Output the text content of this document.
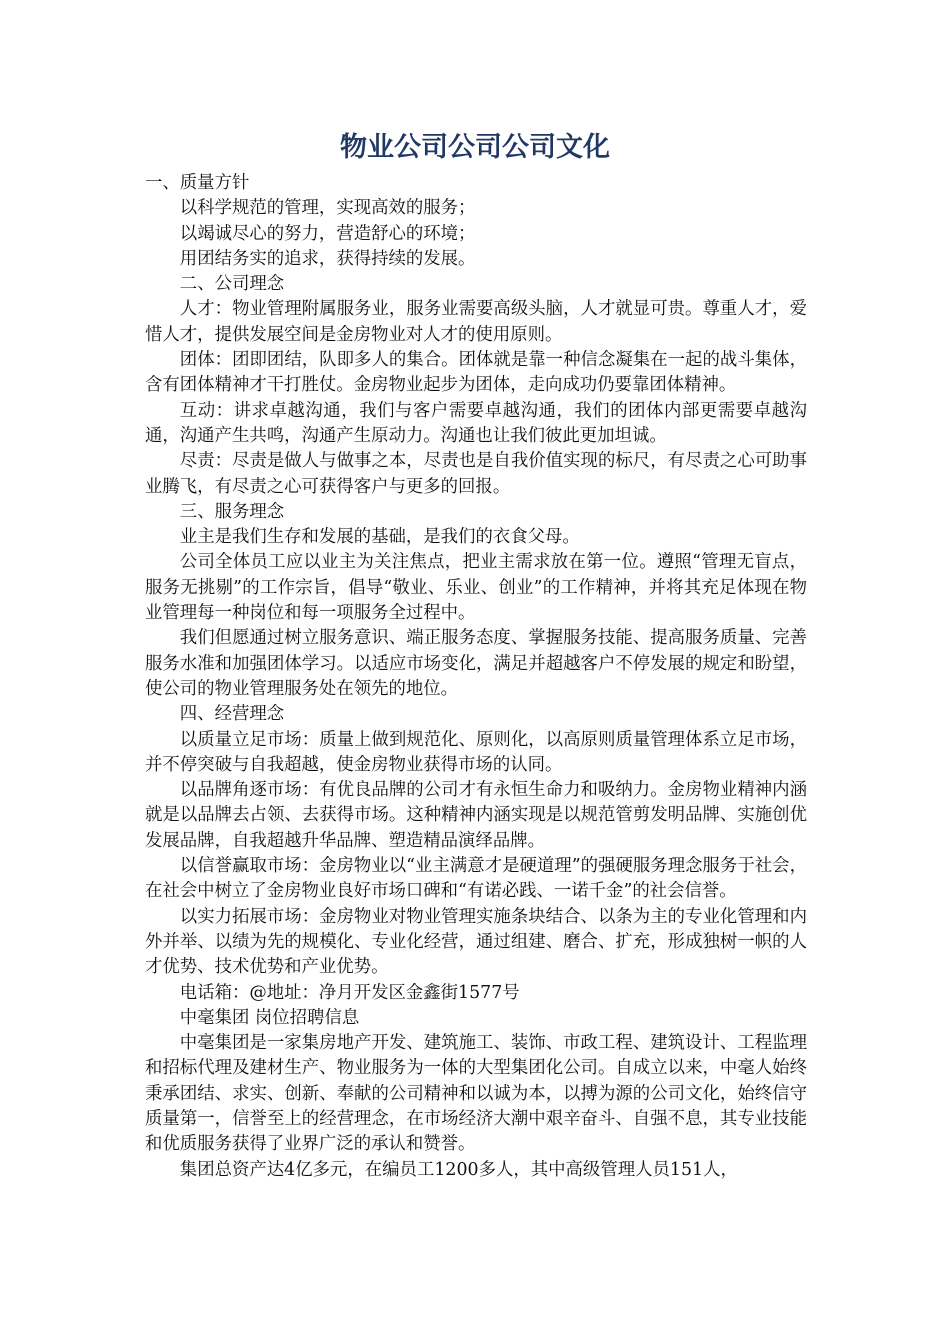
物业公司公司公司文化

一、质量方针

以科学规范的管理，实现高效的服务；

以竭诚尽心的努力，营造舒心的环境；

用团结务实的追求，获得持续的发展。

二、公司理念

人才：物业管理附属服务业，服务业需要高级头脑，人才就显可贵。尊重人才，爱惜人才，提供发展空间是金房物业对人才的使用原则。

团体：团即团结，队即多人的集合。团体就是靠一种信念凝集在一起的战斗集体，含有团体精神才干打胜仗。金房物业起步为团体，走向成功仍要靠团体精神。

互动：讲求卓越沟通，我们与客户需要卓越沟通，我们的团体内部更需要卓越沟通，沟通产生共鸣，沟通产生原动力。沟通也让我们彼此更加坦诚。

尽责：尽责是做人与做事之本，尽责也是自我价值实现的标尺，有尽责之心可助事业腾飞，有尽责之心可获得客户与更多的回报。

三、服务理念

业主是我们生存和发展的基础，是我们的衣食父母。

公司全体员工应以业主为关注焦点，把业主需求放在第一位。遵照“管理无盲点，服务无挑剔”的工作宗旨，倡导“敬业、乐业、创业”的工作精神，并将其充足体现在物业管理每一种岗位和每一项服务全过程中。

我们但愿通过树立服务意识、端正服务态度、掌握服务技能、提高服务质量、完善服务水准和加强团体学习。以适应市场变化，满足并超越客户不停发展的规定和盼望，使公司的物业管理服务处在领先的地位。

四、经营理念

以质量立足市场：质量上做到规范化、原则化，以高原则质量管理体系立足市场，并不停突破与自我超越，使金房物业获得市场的认同。

以品牌角逐市场：有优良品牌的公司才有永恒生命力和吸纳力。金房物业精神内涵就是以品牌去占领、去获得市场。这种精神内涵实现是以规范管剪发明品牌、实施创优发展品牌，自我超越升华品牌、塑造精品演绎品牌。

以信誉赢取市场：金房物业以“业主满意才是硬道理”的强硬服务理念服务于社会，在社会中树立了金房物业良好市场口碑和“有诺必践、一诺千金”的社会信誉。

以实力拓展市场：金房物业对物业管理实施条块结合、以条为主的专业化管理和内外并举、以绩为先的规模化、专业化经营，通过组建、磨合、扩充，形成独树一帜的人才优势、技术优势和产业优势。

电话箱：@地址：净月开发区金鑫街1577号

中毫集团 岗位招聘信息

中毫集团是一家集房地产开发、建筑施工、装饰、市政工程、建筑设计、工程监理和招标代理及建材生产、物业服务为一体的大型集团化公司。自成立以来，中毫人始终秉承团结、求实、创新、奉献的公司精神和以诚为本，以搏为源的公司文化，始终信守质量第一，信誉至上的经营理念，在市场经济大潮中艰辛奋斗、自强不息，其专业技能和优质服务获得了业界广泛的承认和赞誉。

集团总资产达4亿多元，在编员工1200多人，其中高级管理人员151人，
